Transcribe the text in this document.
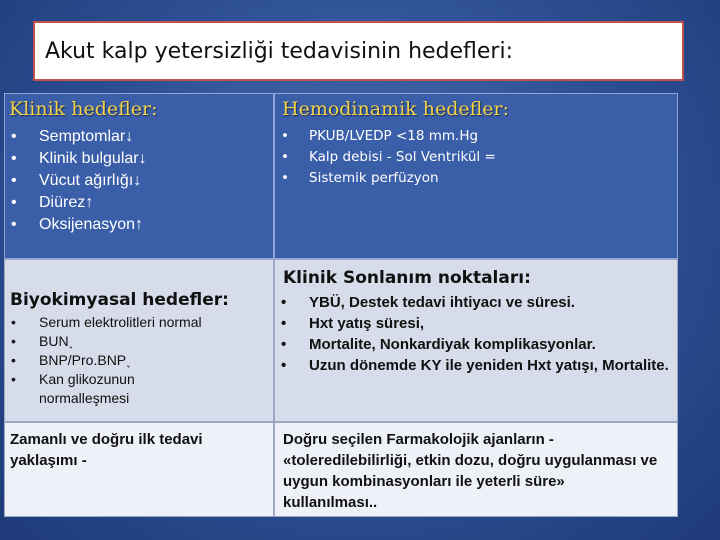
Akut kalp yetersizliği tedavisinin hedefleri:
Klinik hedefler:
• Semptomlar↓
• Klinik bulgular↓
• Vücut ağırlığı↓
• Diürez↑
• Oksijenasyon↑
Hemodinamik hedefler:
• PKUB/LVEDP <18 mm.Hg
• Kalp debisi - Sol Ventrikül =
• Sistemik perfüzyon
Biyokimyasal hedefler:
• Serum elektrolitleri normal
• BUN˯
• BNP/Pro.BNP˯
• Kan glikozunun normalleşmesi
Klinik Sonlanım noktaları:
• YBÜ, Destek tedavi ihtiyacı ve süresi.
• Hxt yatış süresi,
• Mortalite, Nonkardiyak komplikasyonlar.
• Uzun dönemde KY ile yeniden Hxt yatışı, Mortalite.
Zamanlı ve doğru ilk tedavi yaklaşımı -
Doğru seçilen Farmakolojik ajanların - «toleredilebilirliği, etkin dozu, doğru uygulanması ve uygun kombinasyonları ile yeterli süre» kullanılması..
